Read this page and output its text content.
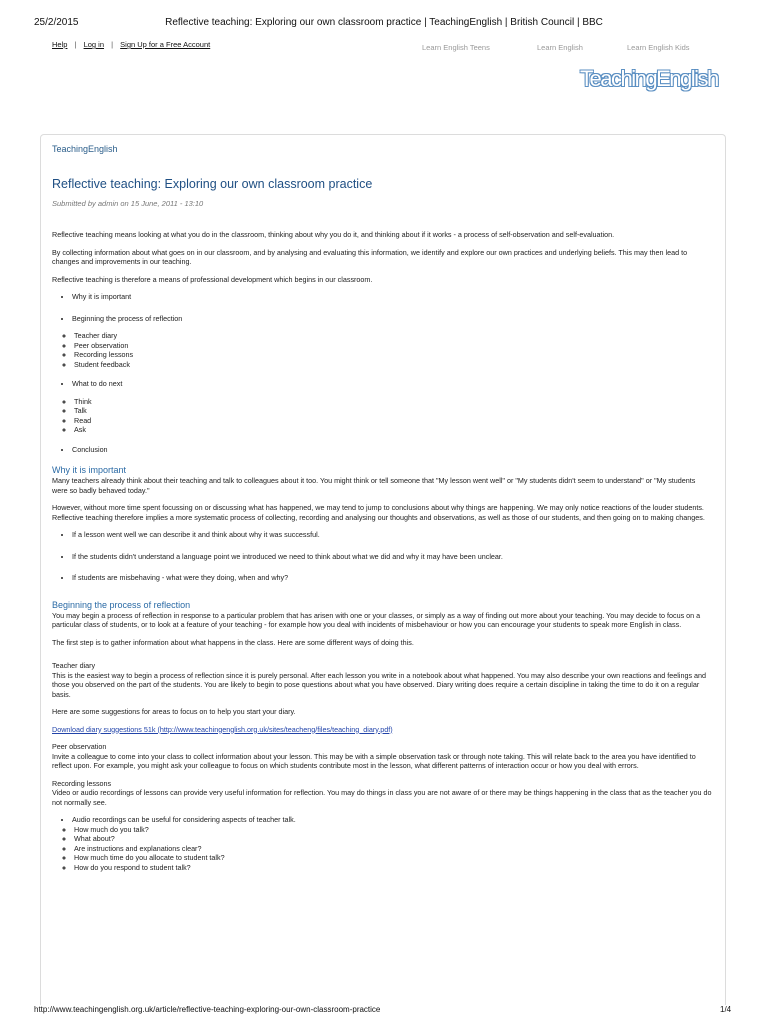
25/2/2015	Reflective teaching: Exploring our own classroom practice | TeachingEnglish | British Council | BBC
Help | Log in | Sign Up for a Free Account	Learn English Teens	Learn English	Learn English Kids
TeachingEnglish
TeachingEnglish
Reflective teaching: Exploring our own classroom practice
Submitted by admin on 15 June, 2011 - 13:10

Reflective teaching means looking at what you do in the classroom, thinking about why you do it, and thinking about if it works - a process of self-observation and self-evaluation.

By collecting information about what goes on in our classroom, and by analysing and evaluating this information, we identify and explore our own practices and underlying beliefs. This may then lead to changes and improvements in our teaching.

Reflective teaching is therefore a means of professional development which begins in our classroom.

• Why it is important
• Beginning the process of reflection
◦ Teacher diary
◦ Peer observation
◦ Recording lessons
◦ Student feedback
• What to do next
◦ Think
◦ Talk
◦ Read
◦ Ask
• Conclusion
Why it is important

Many teachers already think about their teaching and talk to colleagues about it too. You might think or tell someone that "My lesson went well" or "My students didn't seem to understand" or "My students were so badly behaved today."

However, without more time spent focussing on or discussing what has happened, we may tend to jump to conclusions about why things are happening. We may only notice reactions of the louder students. Reflective teaching therefore implies a more systematic process of collecting, recording and analysing our thoughts and observations, as well as those of our students, and then going on to making changes.

• If a lesson went well we can describe it and think about why it was successful.
• If the students didn't understand a language point we introduced we need to think about what we did and why it may have been unclear.
• If students are misbehaving - what were they doing, when and why?
Beginning the process of reflection

You may begin a process of reflection in response to a particular problem that has arisen with one or your classes, or simply as a way of finding out more about your teaching. You may decide to focus on a particular class of students, or to look at a feature of your teaching - for example how you deal with incidents of misbehaviour or how you can encourage your students to speak more English in class.

The first step is to gather information about what happens in the class. Here are some different ways of doing this.

Teacher diary

This is the easiest way to begin a process of reflection since it is purely personal. After each lesson you write in a notebook about what happened. You may also describe your own reactions and feelings and those you observed on the part of the students. You are likely to begin to pose questions about what you have observed. Diary writing does require a certain discipline in taking the time to do it on a regular basis.

Here are some suggestions for areas to focus on to help you start your diary.

Download diary suggestions 51k (http://www.teachingenglish.org.uk/sites/teacheng/files/teaching_diary.pdf)

Peer observation

Invite a colleague to come into your class to collect information about your lesson. This may be with a simple observation task or through note taking. This will relate back to the area you have identified to reflect upon. For example, you might ask your colleague to focus on which students contribute most in the lesson, what different patterns of interaction occur or how you deal with errors.

Recording lessons

Video or audio recordings of lessons can provide very useful information for reflection. You may do things in class you are not aware of or there may be things happening in the class that as the teacher you do not normally see.

• Audio recordings can be useful for considering aspects of teacher talk.
◦ How much do you talk?
◦ What about?
◦ Are instructions and explanations clear?
◦ How much time do you allocate to student talk?
◦ How do you respond to student talk?
http://www.teachingenglish.org.uk/article/reflective-teaching-exploring-our-own-classroom-practice	1/4
